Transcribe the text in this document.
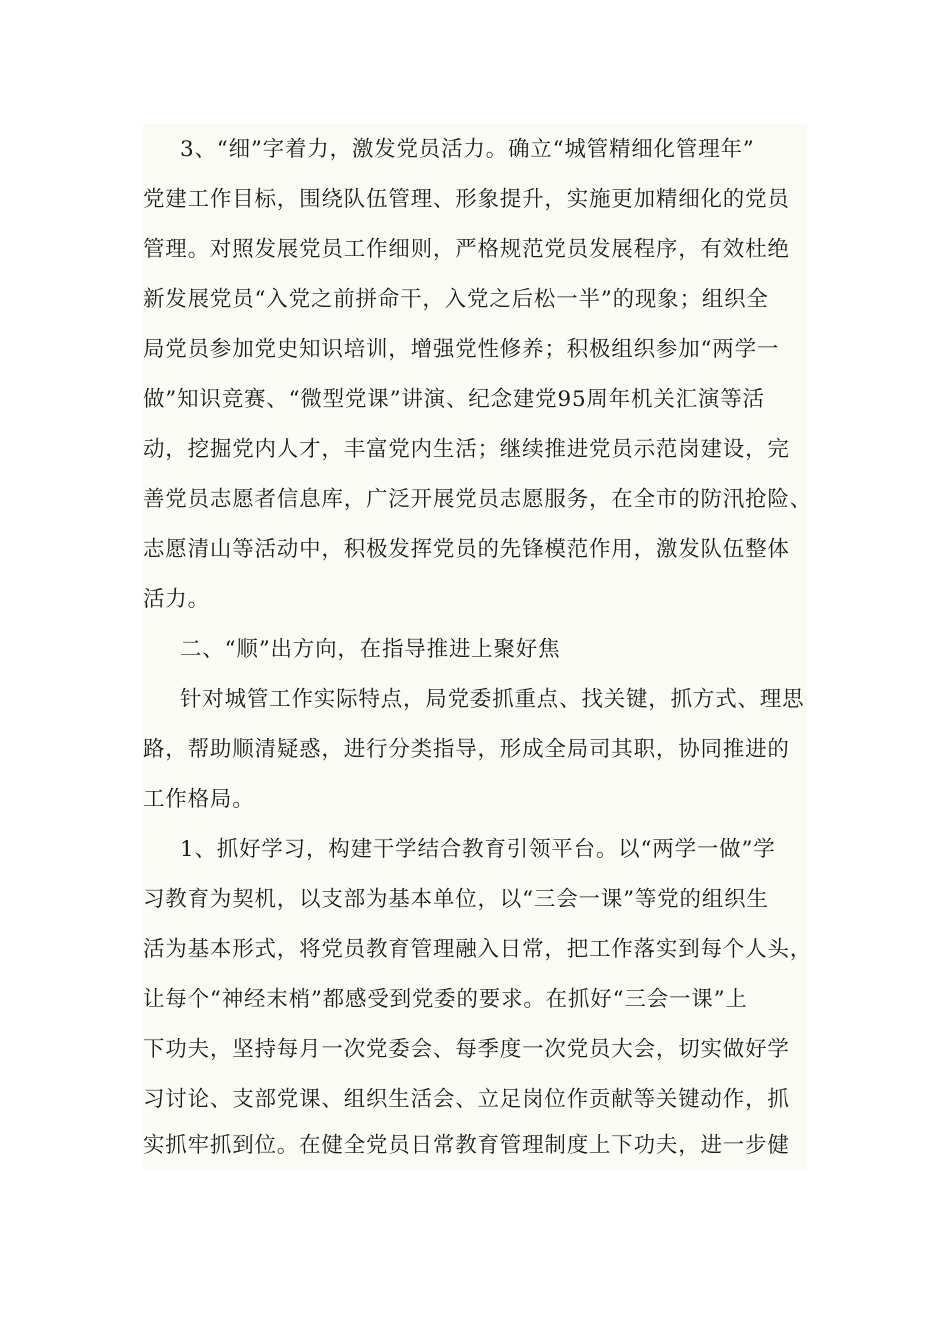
3、“细”字着力，激发党员活力。确立“城管精细化管理年”
党建工作目标，围绕队伍管理、形象提升，实施更加精细化的党员
管理。对照发展党员工作细则，严格规范党员发展程序，有效杜绝
新发展党员“入党之前拼命干，入党之后松一半”的现象；组织全
局党员参加党史知识培训，增强党性修养；积极组织参加“两学一
做”知识竞赛、“微型党课”讲演、纪念建党95周年机关汇演等活
动，挖掘党内人才，丰富党内生活；继续推进党员示范岗建设，完
善党员志愿者信息库，广泛开展党员志愿服务，在全市的防汛抢险、
志愿清山等活动中，积极发挥党员的先锋模范作用，激发队伍整体
活力。
二、“顺”出方向，在指导推进上聚好焦
针对城管工作实际特点，局党委抓重点、找关键，抓方式、理思
路，帮助顺清疑惑，进行分类指导，形成全局司其职，协同推进的
工作格局。
1、抓好学习，构建干学结合教育引领平台。以“两学一做”学
习教育为契机，以支部为基本单位，以“三会一课”等党的组织生
活为基本形式，将党员教育管理融入日常，把工作落实到每个人头，
让每个“神经末梢”都感受到党委的要求。在抓好“三会一课”上
下功夫，坚持每月一次党委会、每季度一次党员大会，切实做好学
习讨论、支部党课、组织生活会、立足岗位作贡献等关键动作，抓
实抓牢抓到位。在健全党员日常教育管理制度上下功夫，进一步健
